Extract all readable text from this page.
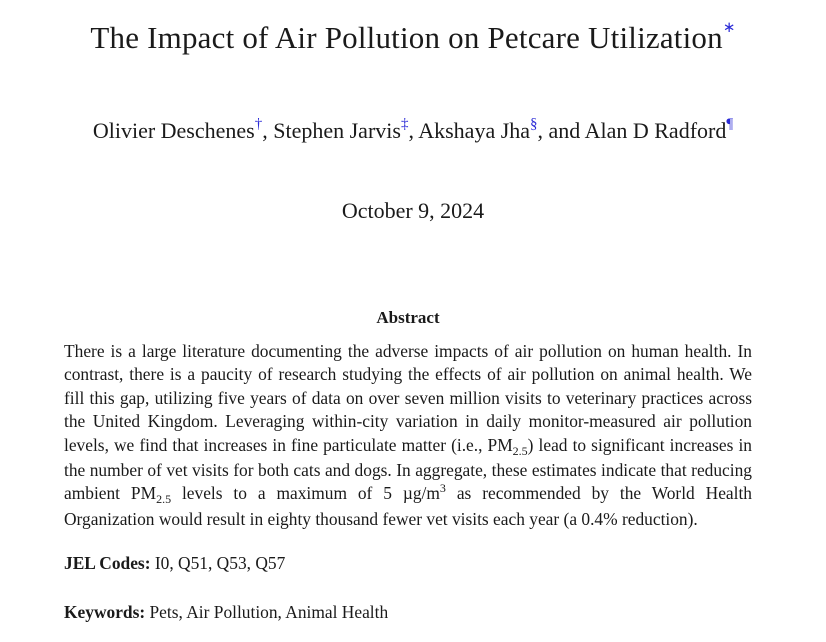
The Impact of Air Pollution on Petcare Utilization∗
Olivier Deschenes†, Stephen Jarvis‡, Akshaya Jha§, and Alan D Radford¶
October 9, 2024
Abstract
There is a large literature documenting the adverse impacts of air pollution on human health. In contrast, there is a paucity of research studying the effects of air pollution on animal health. We fill this gap, utilizing five years of data on over seven million visits to veterinary practices across the United Kingdom. Leveraging within-city variation in daily monitor-measured air pollution levels, we find that increases in fine particulate matter (i.e., $PM_{2.5}$) lead to significant increases in the number of vet visits for both cats and dogs. In aggregate, these estimates indicate that reducing ambient $PM_{2.5}$ levels to a maximum of 5 $\mu g/m^3$ as recommended by the World Health Organization would result in eighty thousand fewer vet visits each year (a 0.4% reduction).
JEL Codes: I0, Q51, Q53, Q57
Keywords: Pets, Air Pollution, Animal Health
